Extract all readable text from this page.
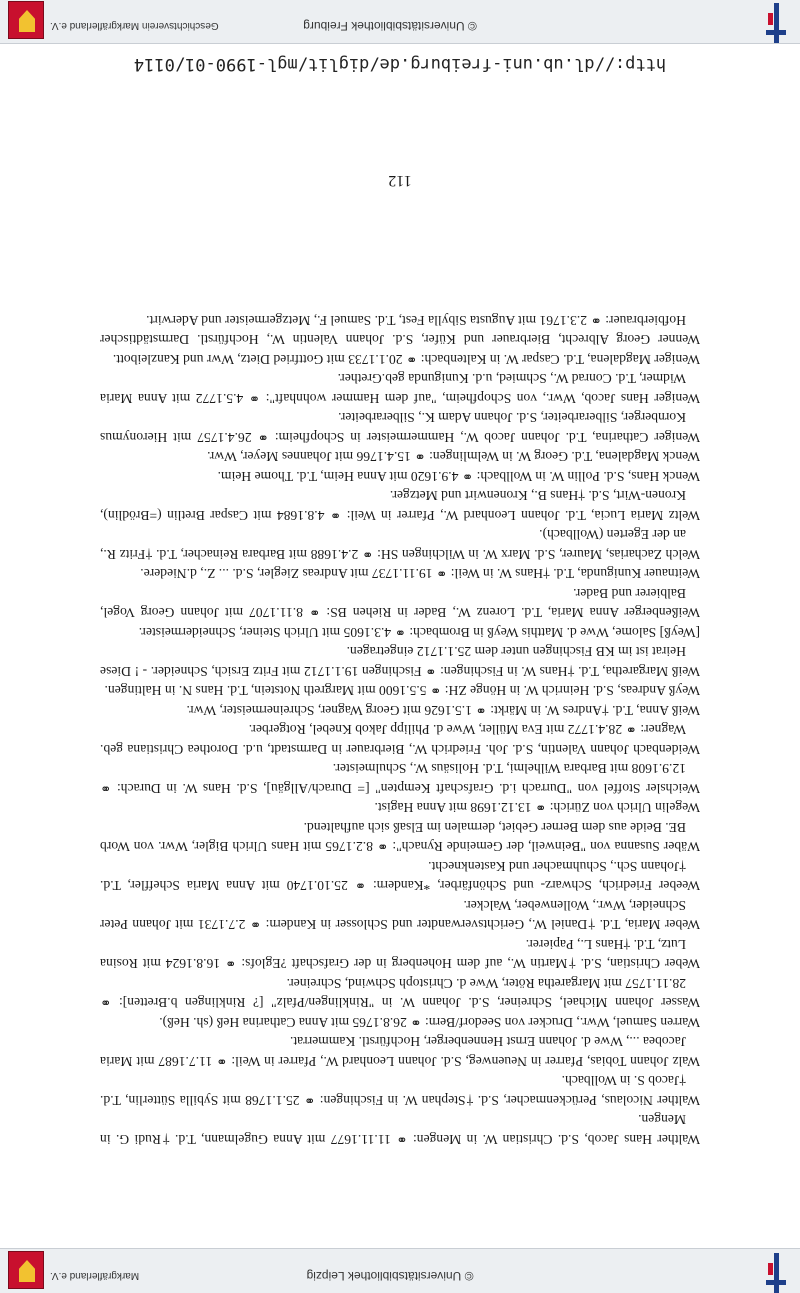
© Universitätsbibliothek Leipzig
Markgräflerland e.V.

Walther Hans Jacob, S.d. Christian W. in Mengen: ⚭ 11.11.1677 mit Anna Gugelmann, T.d. †Rudi G. in Mengen.

Walther Nicolaus, Perückenmacher, S.d. †Stephan W. in Fischingen: ⚭ 25.1.1768 mit Sybilla Sütterlin, T.d. †Jacob S. in Wollbach.

Walz Johann Tobias, Pfarrer in Neuenweg, S.d. Johann Leonhard W., Pfarrer in Weil: ⚭ 11.7.1687 mit Maria Jacobea ..., Wwe d. Johann Ernst Hennenberger, Hochfürstl. Kammerrat.

Warren Samuel, Wwr., Drucker von Seedorf/Bern: ⚭ 26.8.1765 mit Anna Catharina Heß (sh. Heß).

Wasser Johann Michael, Schreiner, S.d. Johann W. in "Rinklingen/Pfalz" [? Rinklingen b.Bretten]: ⚭ 28.11.1757 mit Margaretha Röter, Wwe d. Christoph Schwind, Schreiner.

Weber Christian, S.d. †Martin W., auf dem Hohenberg in der Grafschaft ?Eglofs: ⚭ 16.8.1624 mit Rosina Lutz, T.d. †Hans L., Papierer.

Weber Maria, T.d. †Daniel W., Gerichtsverwandter und Schlosser in Kandern: ⚭ 2.7.1731 mit Johann Peter Schneider, Wwr., Wollenweber, Walcker.

Weeber Friedrich, Schwarz- und Schönfärber, *Kandern: ⚭ 25.10.1740 mit Anna Maria Scheffler, T.d. †Johann Sch., Schuhmacher und Kastenknecht.

Wäber Susanna von "Beinweil, der Gemeinde Rynach": ⚭ 8.2.1765 mit Hans Ulrich Bigler, Wwr. von Worb BE. Beide aus dem Berner Gebiet, dermalen im Elsaß sich aufhaltend.

Wegelin Ulrich von Zürich: ⚭ 13.12.1698 mit Anna Hagist.

Weichsler Stoffel von "Durrach i.d. Grafschaft Kempten" [= Durach/Allgäu], S.d. Hans W. in Durach: ⚭ 12.9.1608 mit Barbara Wilhelmi, T.d. Holisäus W., Schulmeister.

Weidenbach Johann Valentin, S.d. Joh. Friedrich W., Bierbrauer in Darmstadt, u.d. Dorothea Christiana geb. Wagner: ⚭ 28.4.1772 mit Eva Müller, Wwe d. Philipp Jakob Knebel, Rotgerber.

Weiß Anna, T.d. †Andres W. in Märkt: ⚭ 1.5.1626 mit Georg Wagner, Schreinermeister, Wwr.

Weyß Andreas, S.d. Heinrich W. in Hönge ZH: ⚭ 5.5.1600 mit Margreth Notstein, T.d. Hans N. in Haltingen.

Weiß Margaretha, T.d. †Hans W. in Fischingen: ⚭ Fischingen 19.1.1712 mit Fritz Ersich, Schneider. - ! Diese Heirat ist im KB Fischingen unter dem 25.1.1712 eingetragen.

[Weyß] Salome, Wwe d. Matthis Weyß in Brombach: ⚭ 4.3.1605 mit Ulrich Steiner, Schneidermeister.

Weißenberger Anna Maria, T.d. Lorenz W., Bader in Riehen BS: ⚭ 8.11.1707 mit Johann Georg Vogel, Balbierer und Bader.

Weitnauer Kunigunda, T.d. †Hans W. in Weil: ⚭ 19.11.1737 mit Andreas Ziegler, S.d. ... Z., d.Niedere.

Welch Zacharias, Maurer, S.d. Marx W. in Wilchingen SH: ⚭ 2.4.1688 mit Barbara Reinacher, T.d. †Fritz R., an der Egerten (Wollbach).

Weltz Maria Lucia, T.d. Johann Leonhard W., Pfarrer in Weil: ⚭ 4.8.1684 mit Caspar Bretlin (=Brödlin), Kronen-Wirt, S.d. †Hans B., Kronenwirt und Metzger.

Wenck Hans, S.d. Pollin W. in Wollbach: ⚭ 4.9.1620 mit Anna Heim, T.d. Thome Heim.

Wenck Magdalena, T.d. Georg W. in Welmlingen: ⚭ 15.4.1766 mit Johannes Meyer, Wwr.

Weniger Catharina, T.d. Johann Jacob W., Hammermeister in Schopfheim: ⚭ 26.4.1757 mit Hieronymus Kornberger, Silberarbeiter, S.d. Johann Adam K., Silberarbeiter.

Weniger Hans Jacob, Wwr., von Schopfheim, "auf dem Hammer wohnhaft": ⚭ 4.5.1772 mit Anna Maria Widmer, T.d. Conrad W., Schmied, u.d. Kunigunda geb.Grether.

Weniger Magdalena, T.d. Caspar W. in Kaltenbach: ⚭ 20.1.1733 mit Gottfried Dietz, Wwr und Kanzleibott.

Wenner Georg Albrecht, Bierbrauer und Küfer, S.d. Johann Valentin W., Hochfürstl. Darmstädtischer Hofbierbrauer: ⚭ 2.3.1761 mit Augusta Sibylla Fest, T.d. Samuel F., Metzgermeister und Aderwirt.

112
http://dl.ub.uni-freiburg.de/diglit/mgl-1990-01/0114
© Universitätsbibliothek Freiburg
Geschichtsverein Markgräflerland e.V.
